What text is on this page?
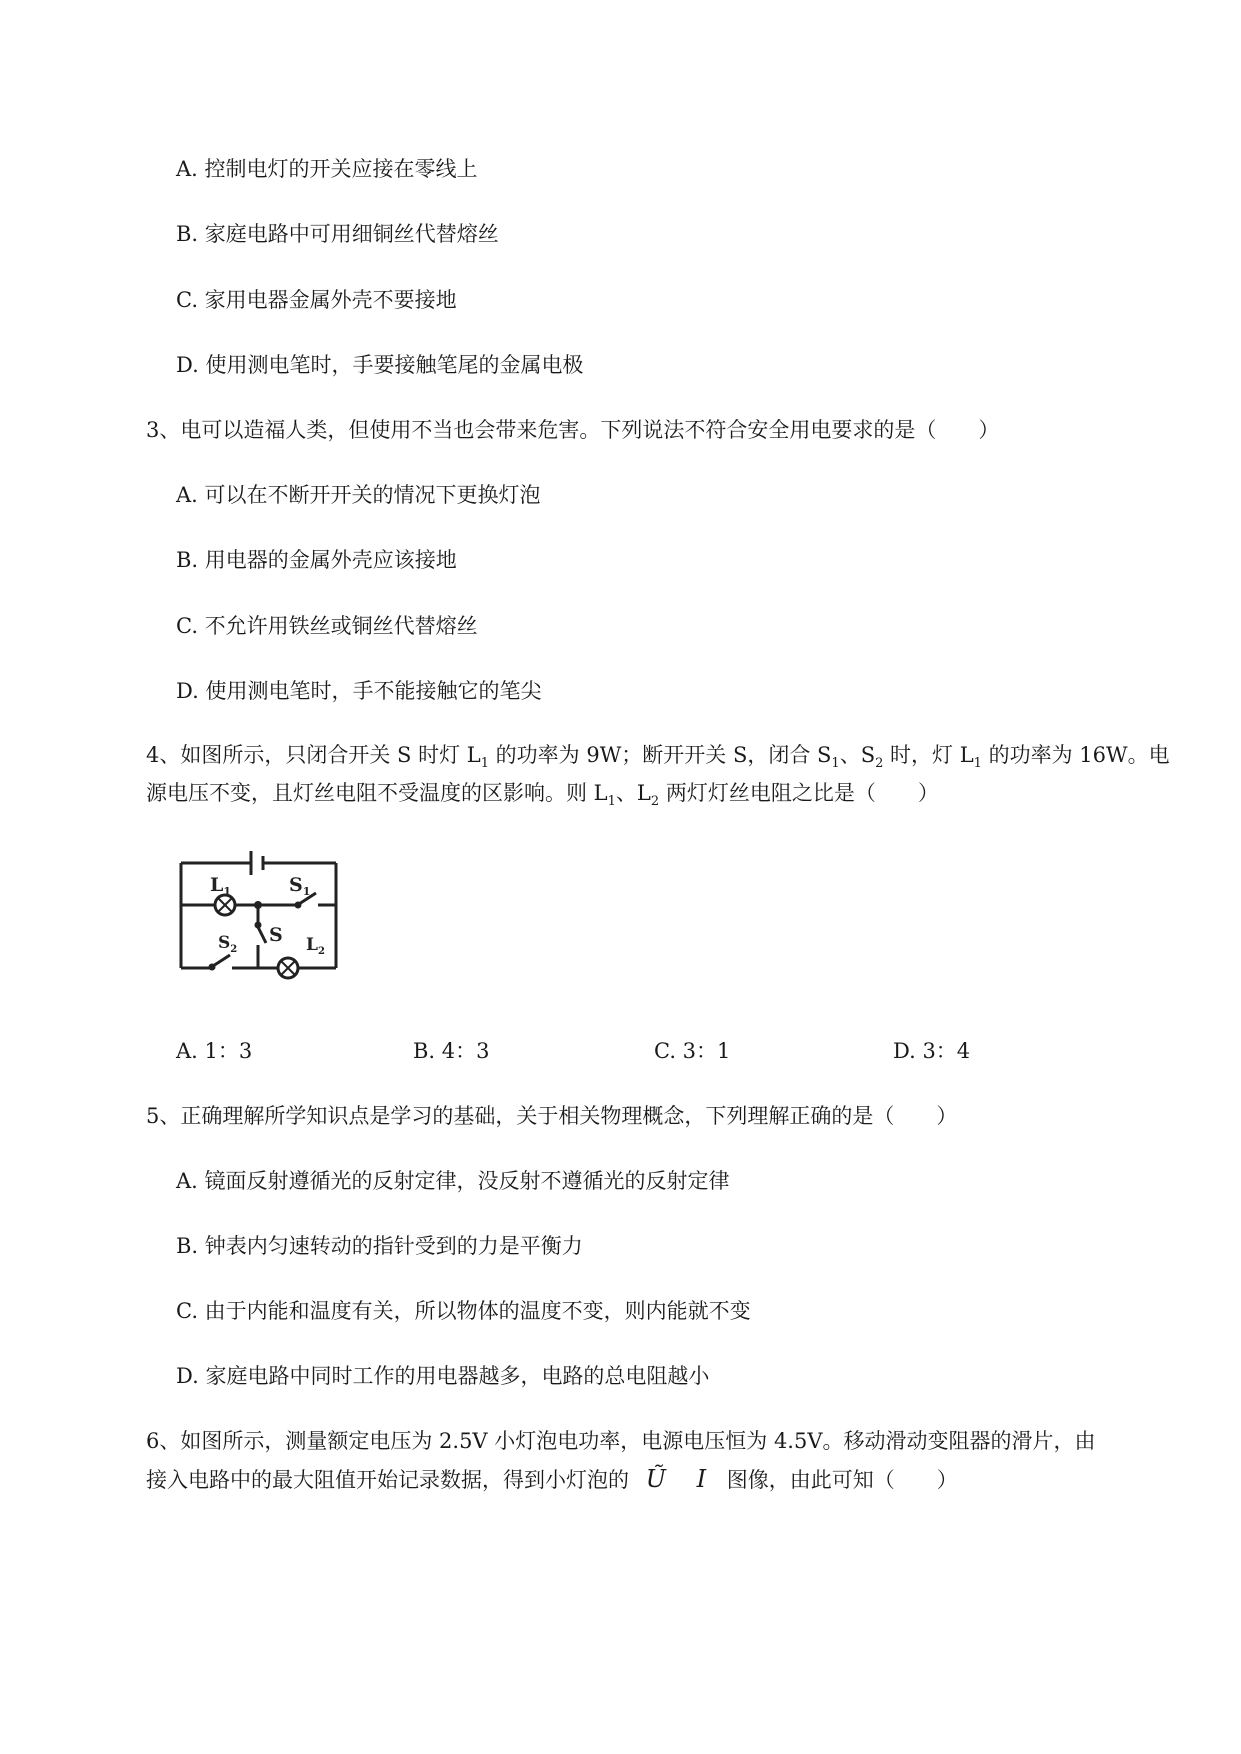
A. 控制电灯的开关应接在零线上
B. 家庭电路中可用细铜丝代替熔丝
C. 家用电器金属外壳不要接地
D. 使用测电笔时，手要接触笔尾的金属电极
3、电可以造福人类，但使用不当也会带来危害。下列说法不符合安全用电要求的是（　　）
A. 可以在不断开开关的情况下更换灯泡
B. 用电器的金属外壳应该接地
C. 不允许用铁丝或铜丝代替熔丝
D. 使用测电笔时，手不能接触它的笔尖
4、如图所示，只闭合开关 S 时灯 $L_1$ 的功率为 9W；断开开关 S，闭合 $S_1$、$S_2$ 时，灯 $L_1$ 的功率为 16W。电
源电压不变，且灯丝电阻不受温度的区影响。则 $L_1$、$L_2$ 两灯灯丝电阻之比是（　　）
$L_1$	$S_1$
S
$S_2$	$L_2$
A. 1：3	B. 4：3	C. 3：1	D. 3：4
5、正确理解所学知识点是学习的基础，关于相关物理概念，下列理解正确的是（　　）
A. 镜面反射遵循光的反射定律，没反射不遵循光的反射定律
B. 钟表内匀速转动的指针受到的力是平衡力
C. 由于内能和温度有关，所以物体的温度不变，则内能就不变
D. 家庭电路中同时工作的用电器越多，电路的总电阻越小
6、如图所示，测量额定电压为 2.5V 小灯泡电功率，电源电压恒为 4.5V。移动滑动变阻器的滑片，由
接入电路中的最大阻值开始记录数据，得到小灯泡的 Ũ I 图像，由此可知（　　）
